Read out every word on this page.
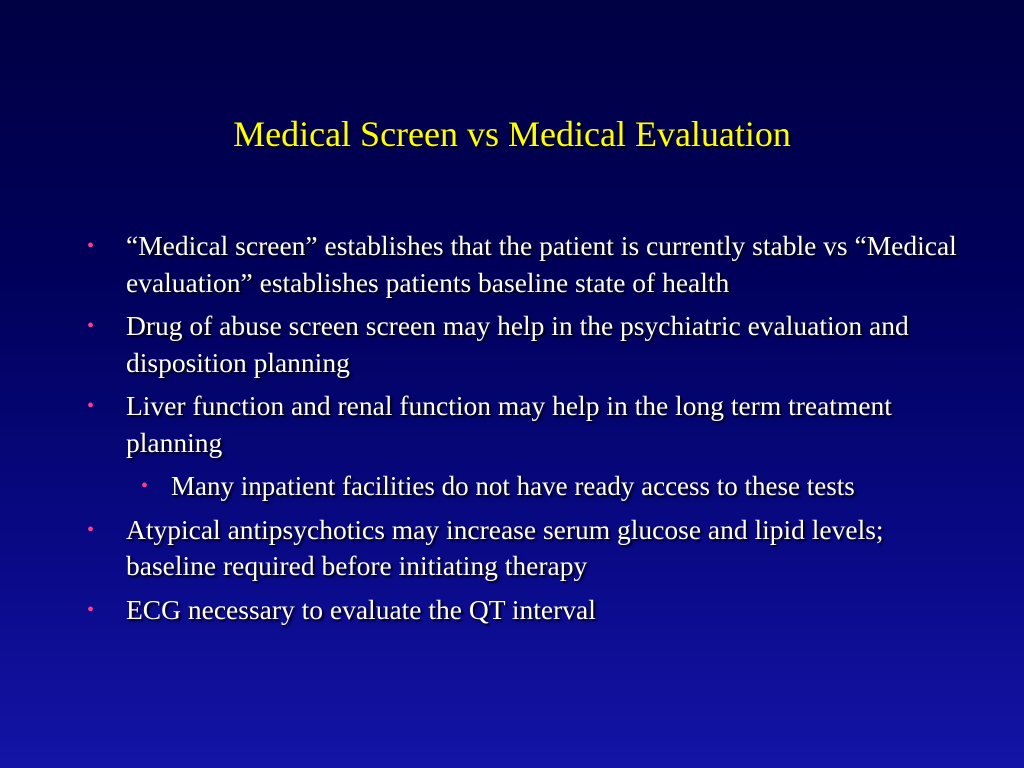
Medical Screen vs Medical Evaluation
• “Medical screen” establishes that the patient is currently stable vs “Medical evaluation” establishes patients baseline state of health
• Drug of abuse screen screen may help in the psychiatric evaluation and disposition planning
• Liver function and renal function may help in the long term treatment planning
• Many inpatient facilities do not have ready access to these tests
• Atypical antipsychotics may increase serum glucose and lipid levels; baseline required before initiating therapy
• ECG necessary to evaluate the QT interval
